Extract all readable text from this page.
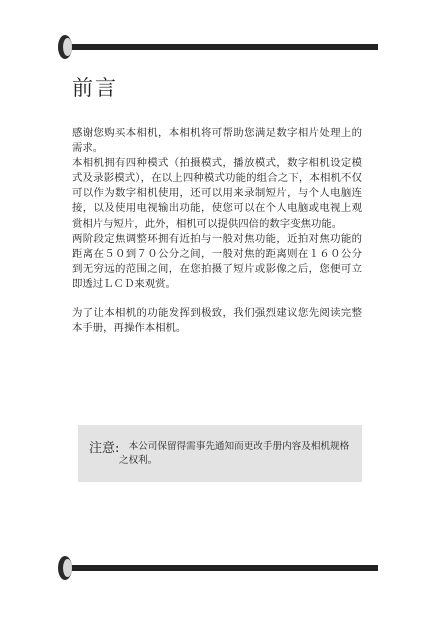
前言

感谢您购买本相机，本相机将可帮助您满足数字相片处理上的需求。

本相机拥有四种模式（拍摄模式，播放模式，数字相机设定模式及录影模式），在以上四种模式功能的组合之下，本相机不仅可以作为数字相机使用，还可以用来录制短片，与个人电脑连接，以及使用电视输出功能，使您可以在个人电脑或电视上观赏相片与短片，此外，相机可以提供四倍的数字变焦功能。

两阶段定焦调整环拥有近拍与一般对焦功能，近拍对焦功能的距离在５０到７０公分之间，一般对焦的距离则在１６０公分到无穷远的范围之间，在您拍摄了短片或影像之后，您便可立即透过ＬＣＤ来观赏。

为了让本相机的功能发挥到极致，我们强烈建议您先阅读完整本手册，再操作本相机。

注意: 本公司保留得需事先通知而更改手册内容及相机规格之权利。
